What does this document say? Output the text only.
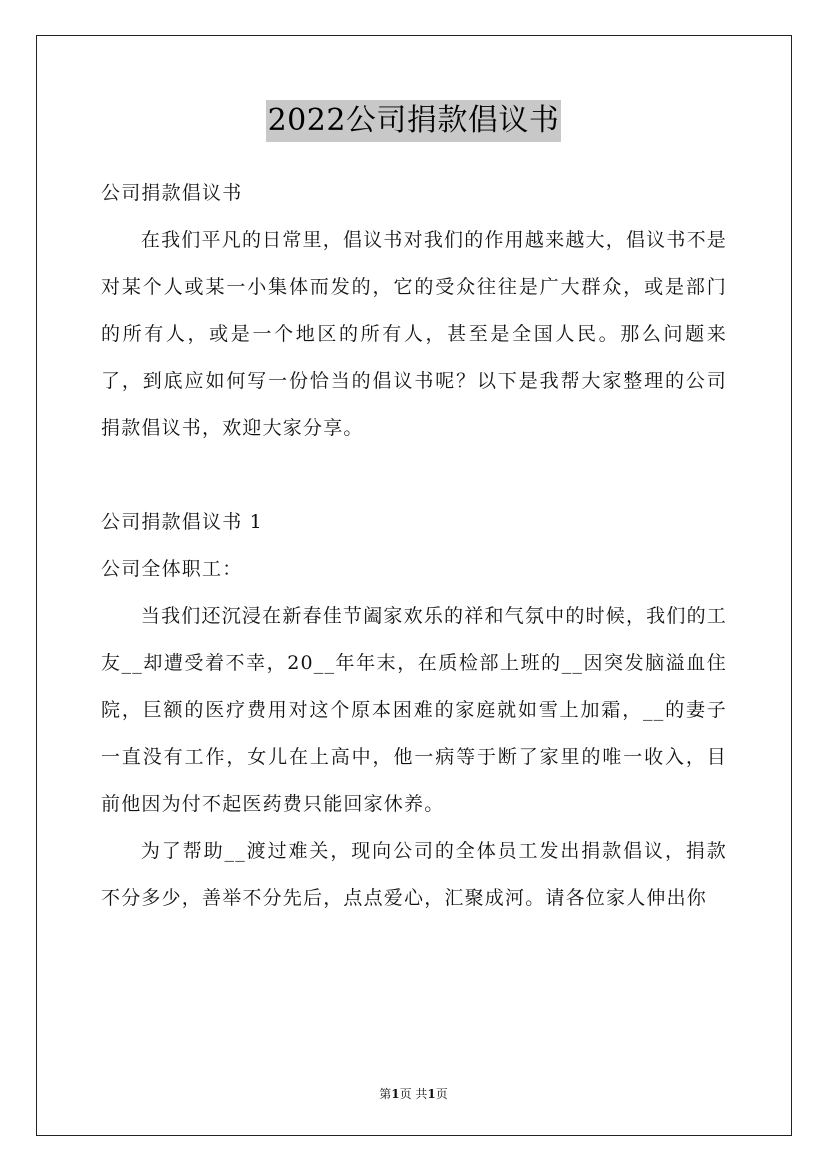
2022公司捐款倡议书

公司捐款倡议书

在我们平凡的日常里，倡议书对我们的作用越来越大，倡议书不是对某个人或某一小集体而发的，它的受众往往是广大群众，或是部门的所有人，或是一个地区的所有人，甚至是全国人民。那么问题来了，到底应如何写一份恰当的倡议书呢？以下是我帮大家整理的公司捐款倡议书，欢迎大家分享。

公司捐款倡议书 1

公司全体职工：

当我们还沉浸在新春佳节阖家欢乐的祥和气氛中的时候，我们的工友__却遭受着不幸，20__年年末，在质检部上班的__因突发脑溢血住院，巨额的医疗费用对这个原本困难的家庭就如雪上加霜，__的妻子一直没有工作，女儿在上高中，他一病等于断了家里的唯一收入，目前他因为付不起医药费只能回家休养。

为了帮助__渡过难关，现向公司的全体员工发出捐款倡议，捐款不分多少，善举不分先后，点点爱心，汇聚成河。请各位家人伸出你

第1页 共1页
